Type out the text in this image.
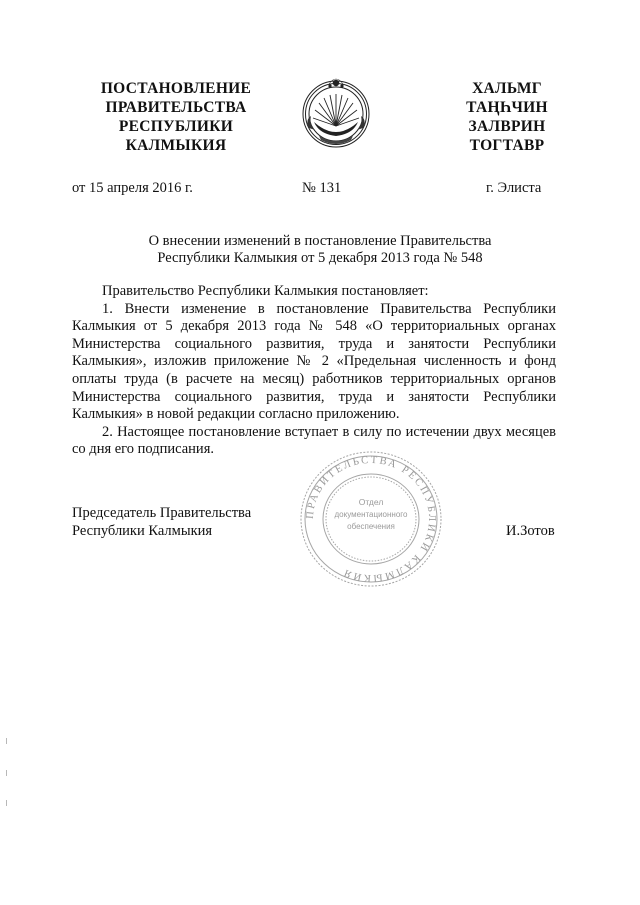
ПОСТАНОВЛЕНИЕ
ПРАВИТЕЛЬСТВА
РЕСПУБЛИКИ
КАЛМЫКИЯ
ХАЛЬМГ
ТАҢҺЧИН
ЗАЛВРИН
ТОГТАВР
от 15 апреля 2016 г.	№ 131	г. Элиста
О внесении изменений в постановление Правительства
Республики Калмыкия от 5 декабря 2013 года № 548

Правительство Республики Калмыкия постановляет:

1. Внести изменение в постановление Правительства Республики Калмыкия от 5 декабря 2013 года № 548 «О территориальных органах Министерства социального развития, труда и занятости Республики Калмыкия», изложив приложение № 2 «Предельная численность и фонд оплаты труда (в расчете на месяц) работников территориальных органов Министерства социального развития, труда и занятости Республики Калмыкия» в новой редакции согласно приложению.

2. Настоящее постановление вступает в силу по истечении двух месяцев со дня его подписания.

ПРАВИТЕЛЬСТВА РЕСПУБЛИКИ КАЛМЫКИЯ
Отдел
документационного
обеспечения
Председатель Правительства
Республики Калмыкия	И.Зотов
